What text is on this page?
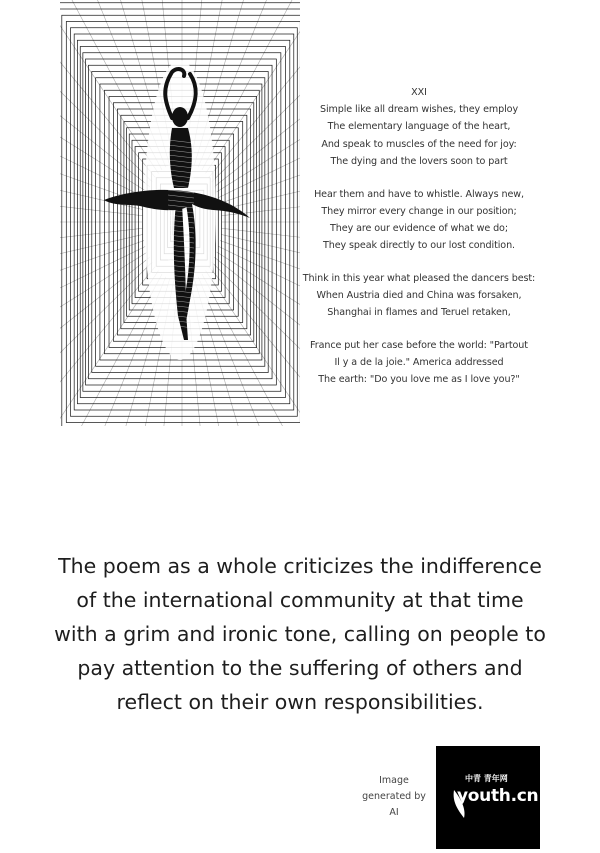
XXI
Simple like all dream wishes, they employ
The elementary language of the heart,
And speak to muscles of the need for joy:
The dying and the lovers soon to part
Hear them and have to whistle. Always new,
They mirror every change in our position;
They are our evidence of what we do;
They speak directly to our lost condition.
Think in this year what pleased the dancers best:
When Austria died and China was forsaken,
Shanghai in flames and Teruel retaken,
France put her case before the world: "Partout
Il y a de la joie." America addressed
The earth: "Do you love me as I love you?"
The poem as a whole criticizes the indifference
of the international community at that time
with a grim and ironic tone, calling on people to
pay attention to the suffering of others and
reflect on their own responsibilities.
Image
generated by
AI
中青 青年网
youth.cn
